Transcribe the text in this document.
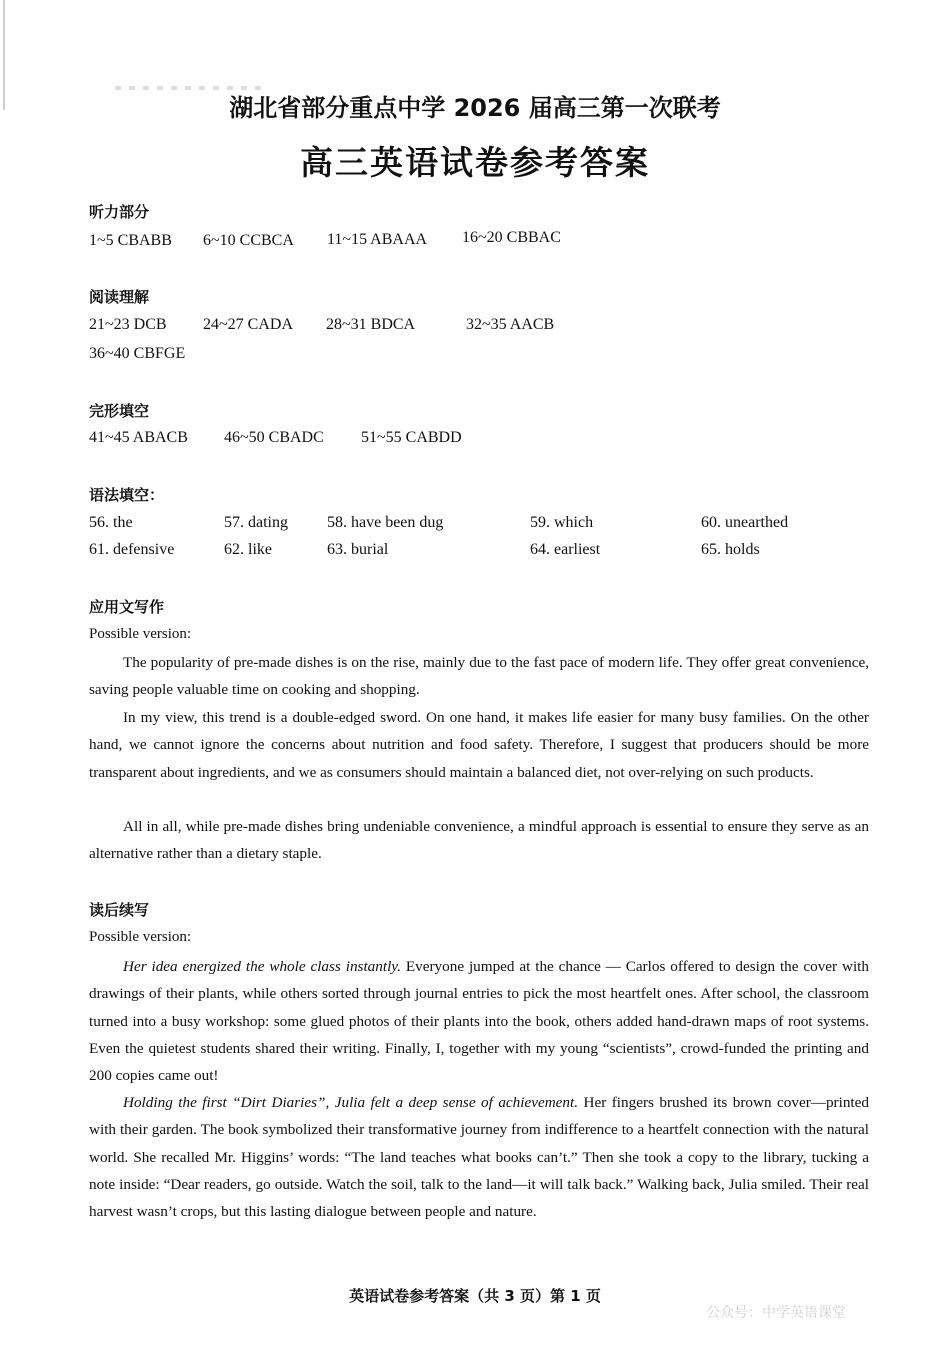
湖北省部分重点中学 2026 届高三第一次联考
高三英语试卷参考答案
听力部分
1~5 CBABB 6~10 CCBCA 11~15 ABAAA 16~20 CBBAC
阅读理解
21~23 DCB 24~27 CADA 28~31 BDCA	32~35 AACB
36~40 CBFGE
完形填空
41~45 ABACB 46~50 CBADC 51~55 CABDD
语法填空：
56. the	57. dating 58. have been dug	59. which	60. unearthed
61. defensive	62. like	63. burial	64. earliest	65. holds
应用文写作
Possible version:

The popularity of pre-made dishes is on the rise, mainly due to the fast pace of modern life. They offer great convenience, saving people valuable time on cooking and shopping.

In my view, this trend is a double-edged sword. On one hand, it makes life easier for many busy families. On the other hand, we cannot ignore the concerns about nutrition and food safety. Therefore, I suggest that producers should be more transparent about ingredients, and we as consumers should maintain a balanced diet, not over-relying on such products.

All in all, while pre-made dishes bring undeniable convenience, a mindful approach is essential to ensure they serve as an alternative rather than a dietary staple.

读后续写
Possible version:

Her idea energized the whole class instantly. Everyone jumped at the chance — Carlos offered to design the cover with drawings of their plants, while others sorted through journal entries to pick the most heartfelt ones. After school, the classroom turned into a busy workshop: some glued photos of their plants into the book, others added hand-drawn maps of root systems. Even the quietest students shared their writing. Finally, I, together with my young “scientists”, crowd-funded the printing and 200 copies came out!

Holding the first “Dirt Diaries”, Julia felt a deep sense of achievement. Her fingers brushed its brown cover—printed with their garden. The book symbolized their transformative journey from indifference to a heartfelt connection with the natural world. She recalled Mr. Higgins’ words: “The land teaches what books can’t.” Then she took a copy to the library, tucking a note inside: “Dear readers, go outside. Watch the soil, talk to the land—it will talk back.” Walking back, Julia smiled. Their real harvest wasn’t crops, but this lasting dialogue between people and nature.

英语试卷参考答案（共 3 页）第 1 页
公众号：中学英语课堂
